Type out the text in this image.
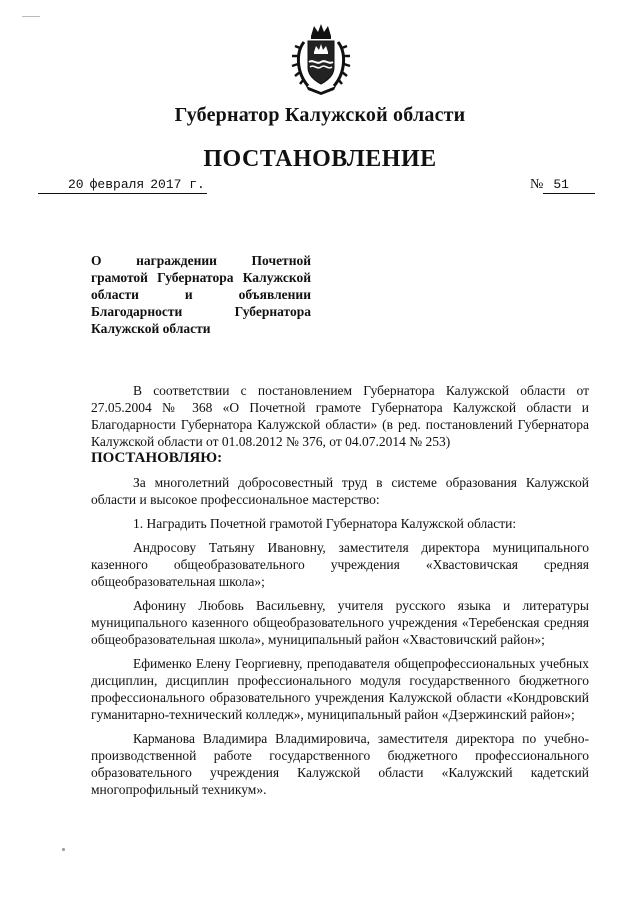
Губернатор Калужской области
ПОСТАНОВЛЕНИЕ
20 февраля 2017 г.	№ 51
О награждении Почетной
грамотой Губернатора Калужской
области и объявлении
Благодарности Губернатора
Калужской области

В соответствии с постановлением Губернатора Калужской области от 27.05.2004 № 368 «О Почетной грамоте Губернатора Калужской области и Благодарности Губернатора Калужской области» (в ред. постановлений Губернатора Калужской области от 01.08.2012 № 376, от 04.07.2014 № 253)

ПОСТАНОВЛЯЮ:

За многолетний добросовестный труд в системе образования Калужской области и высокое профессиональное мастерство:

1. Наградить Почетной грамотой Губернатора Калужской области:

Андросову Татьяну Ивановну, заместителя директора муниципального казенного общеобразовательного учреждения «Хвастовичская средняя общеобразовательная школа»;

Афонину Любовь Васильевну, учителя русского языка и литературы муниципального казенного общеобразовательного учреждения «Теребенская средняя общеобразовательная школа», муниципальный район «Хвастовичский район»;

Ефименко Елену Георгиевну, преподавателя общепрофессиональных учебных дисциплин, дисциплин профессионального модуля государственного бюджетного профессионального образовательного учреждения Калужской области «Кондровский гуманитарно-технический колледж», муниципальный район «Дзержинский район»;

Карманова Владимира Владимировича, заместителя директора по учебно-производственной работе государственного бюджетного профессионального образовательного учреждения Калужской области «Калужский кадетский многопрофильный техникум».
